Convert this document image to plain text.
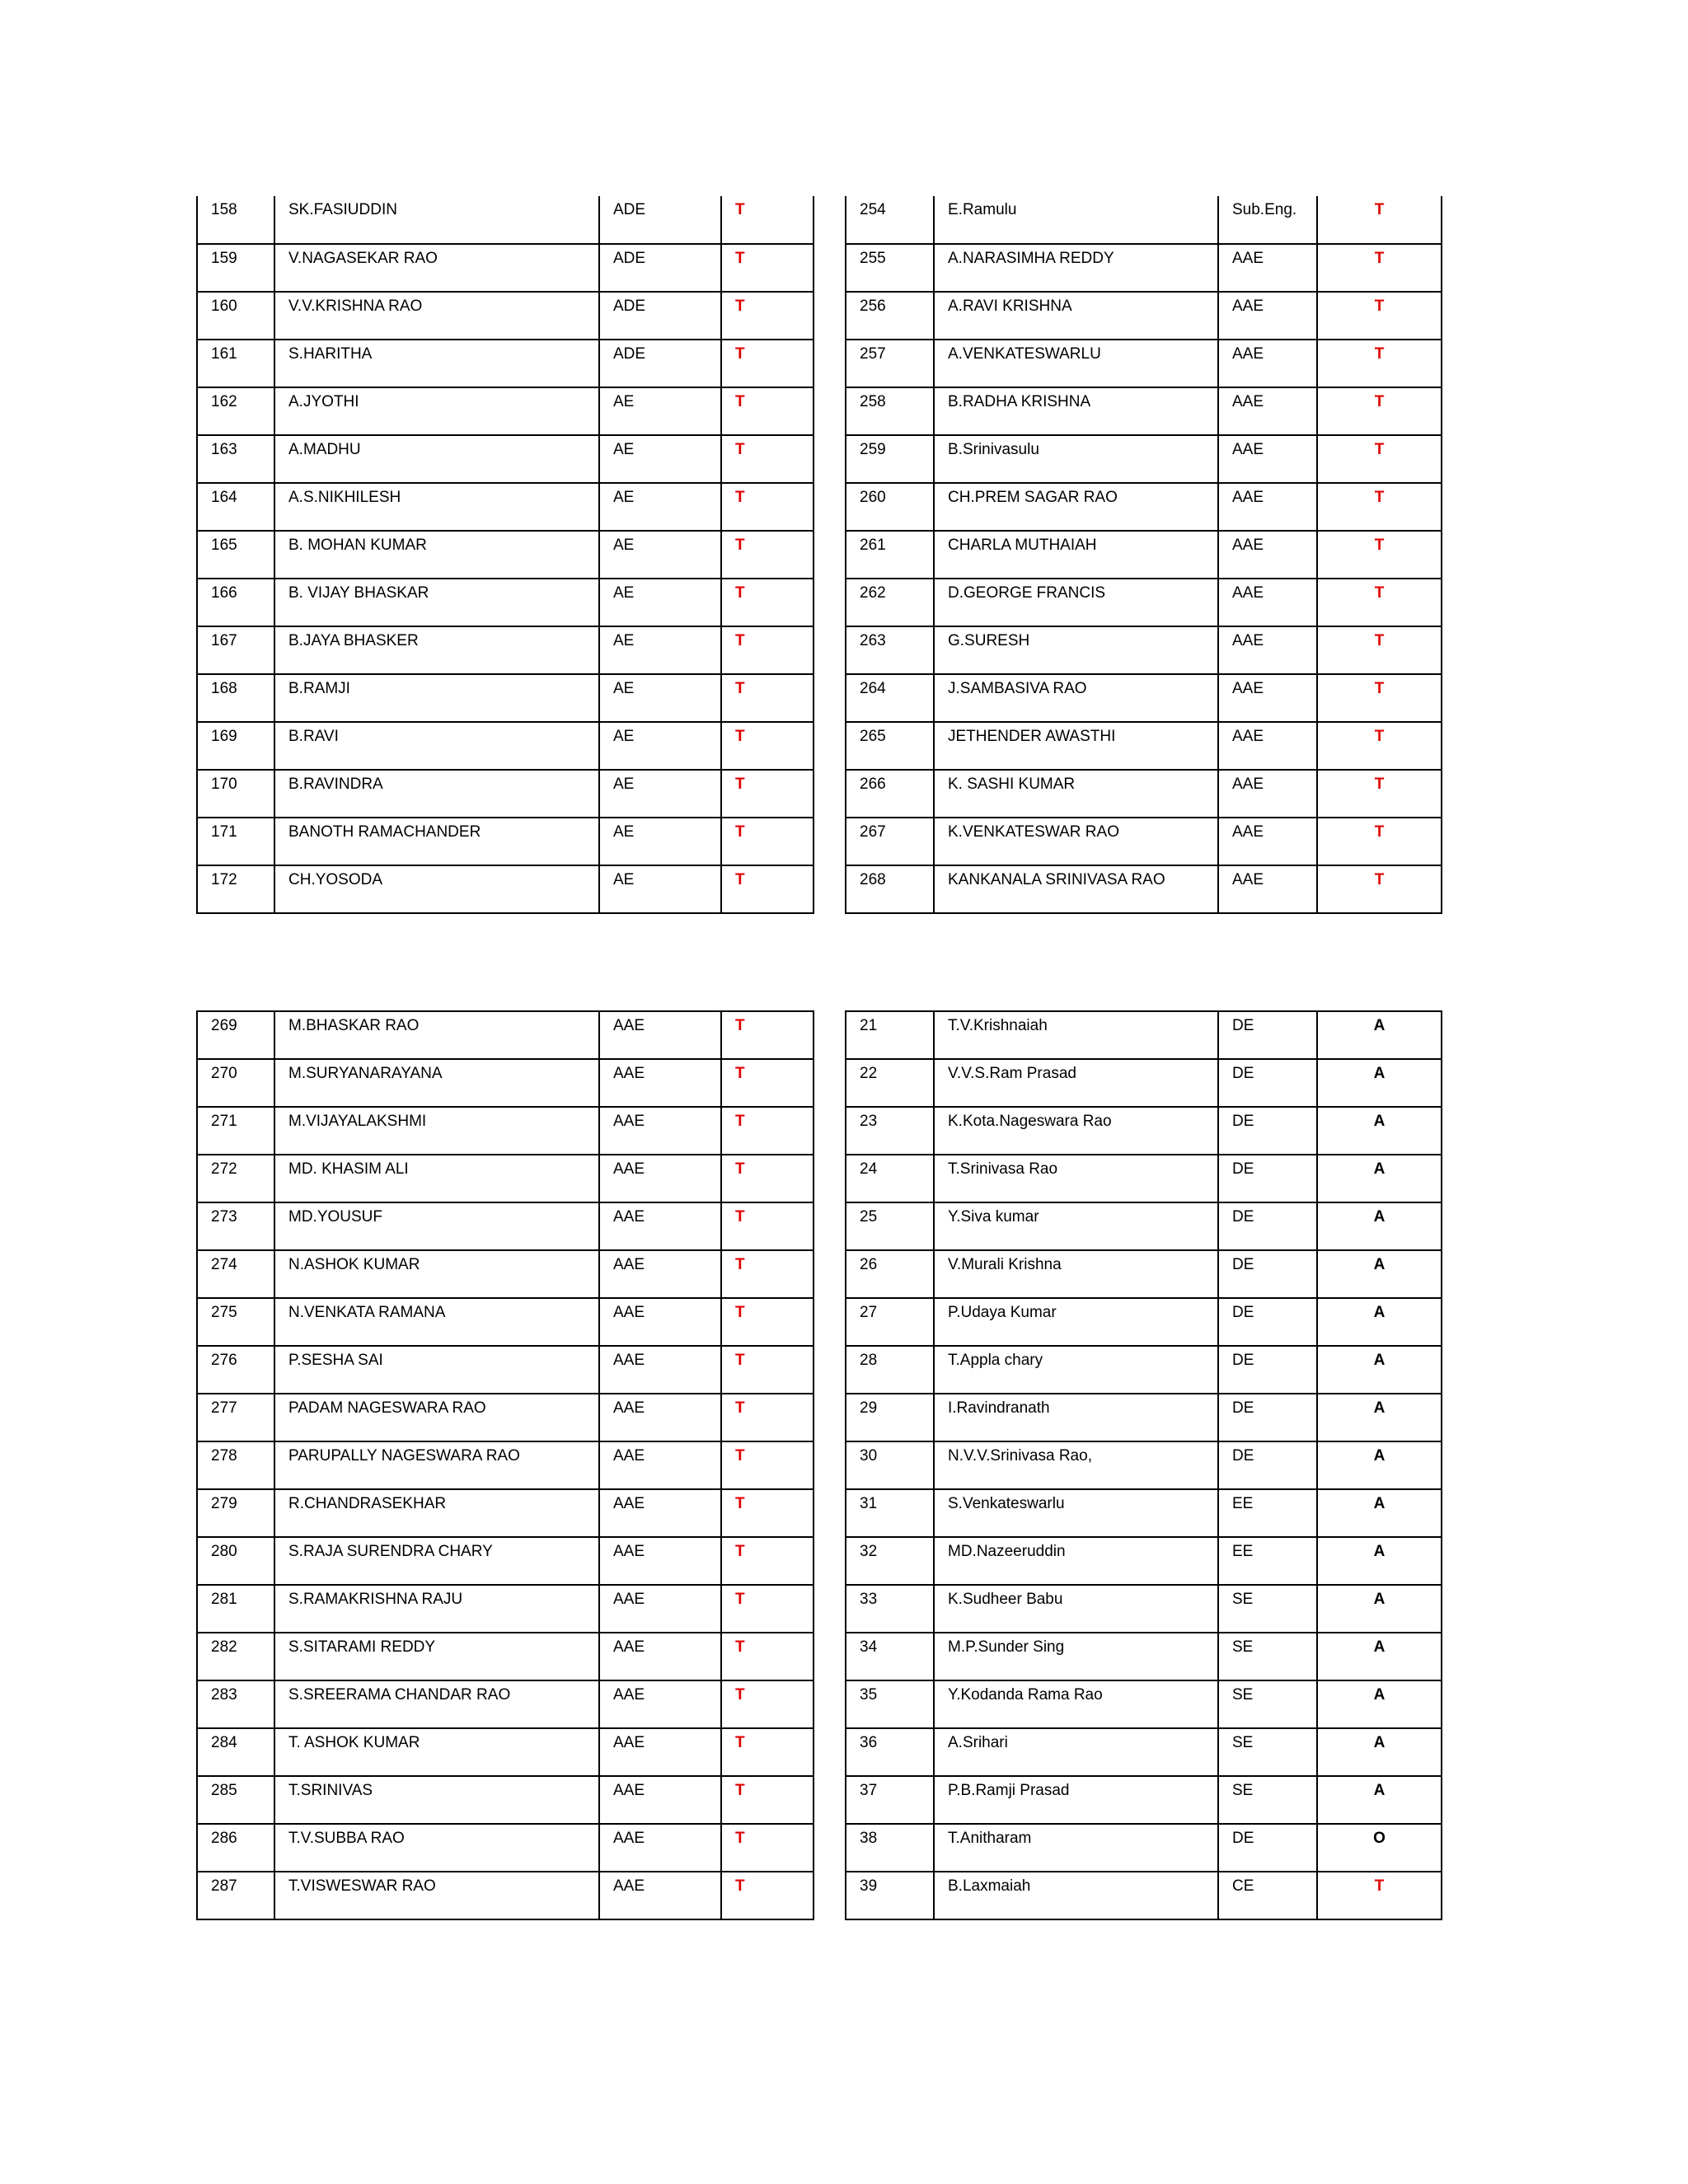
158	SK.FASIUDDIN	ADE	T
159	V.NAGASEKAR RAO	ADE	T
160	V.V.KRISHNA RAO	ADE	T
161	S.HARITHA	ADE	T
162	A.JYOTHI	AE	T
163	A.MADHU	AE	T
164	A.S.NIKHILESH	AE	T
165	B. MOHAN KUMAR	AE	T
166	B. VIJAY BHASKAR	AE	T
167	B.JAYA BHASKER	AE	T
168	B.RAMJI	AE	T
169	B.RAVI	AE	T
170	B.RAVINDRA	AE	T
171	BANOTH RAMACHANDER	AE	T
172	CH.YOSODA	AE	T
254	E.Ramulu	Sub.Eng.	T
255	A.NARASIMHA REDDY	AAE	T
256	A.RAVI KRISHNA	AAE	T
257	A.VENKATESWARLU	AAE	T
258	B.RADHA KRISHNA	AAE	T
259	B.Srinivasulu	AAE	T
260	CH.PREM SAGAR RAO	AAE	T
261	CHARLA MUTHAIAH	AAE	T
262	D.GEORGE FRANCIS	AAE	T
263	G.SURESH	AAE	T
264	J.SAMBASIVA RAO	AAE	T
265	JETHENDER AWASTHI	AAE	T
266	K. SASHI KUMAR	AAE	T
267	K.VENKATESWAR RAO	AAE	T
268	KANKANALA SRINIVASA RAO	AAE	T
269	M.BHASKAR RAO	AAE	T
270	M.SURYANARAYANA	AAE	T
271	M.VIJAYALAKSHMI	AAE	T
272	MD. KHASIM ALI	AAE	T
273	MD.YOUSUF	AAE	T
274	N.ASHOK KUMAR	AAE	T
275	N.VENKATA RAMANA	AAE	T
276	P.SESHA SAI	AAE	T
277	PADAM NAGESWARA RAO	AAE	T
278	PARUPALLY NAGESWARA RAO	AAE	T
279	R.CHANDRASEKHAR	AAE	T
280	S.RAJA SURENDRA CHARY	AAE	T
281	S.RAMAKRISHNA RAJU	AAE	T
282	S.SITARAMI REDDY	AAE	T
283	S.SREERAMA CHANDAR RAO	AAE	T
284	T. ASHOK KUMAR	AAE	T
285	T.SRINIVAS	AAE	T
286	T.V.SUBBA RAO	AAE	T
287	T.VISWESWAR RAO	AAE	T
21	T.V.Krishnaiah	DE	A
22	V.V.S.Ram Prasad	DE	A
23	K.Kota.Nageswara Rao	DE	A
24	T.Srinivasa Rao	DE	A
25	Y.Siva kumar	DE	A
26	V.Murali Krishna	DE	A
27	P.Udaya Kumar	DE	A
28	T.Appla chary	DE	A
29	I.Ravindranath	DE	A
30	N.V.V.Srinivasa Rao,	DE	A
31	S.Venkateswarlu	EE	A
32	MD.Nazeeruddin	EE	A
33	K.Sudheer Babu	SE	A
34	M.P.Sunder Sing	SE	A
35	Y.Kodanda Rama Rao	SE	A
36	A.Srihari	SE	A
37	P.B.Ramji Prasad	SE	A
38	T.Anitharam	DE	O
39	B.Laxmaiah	CE	T
